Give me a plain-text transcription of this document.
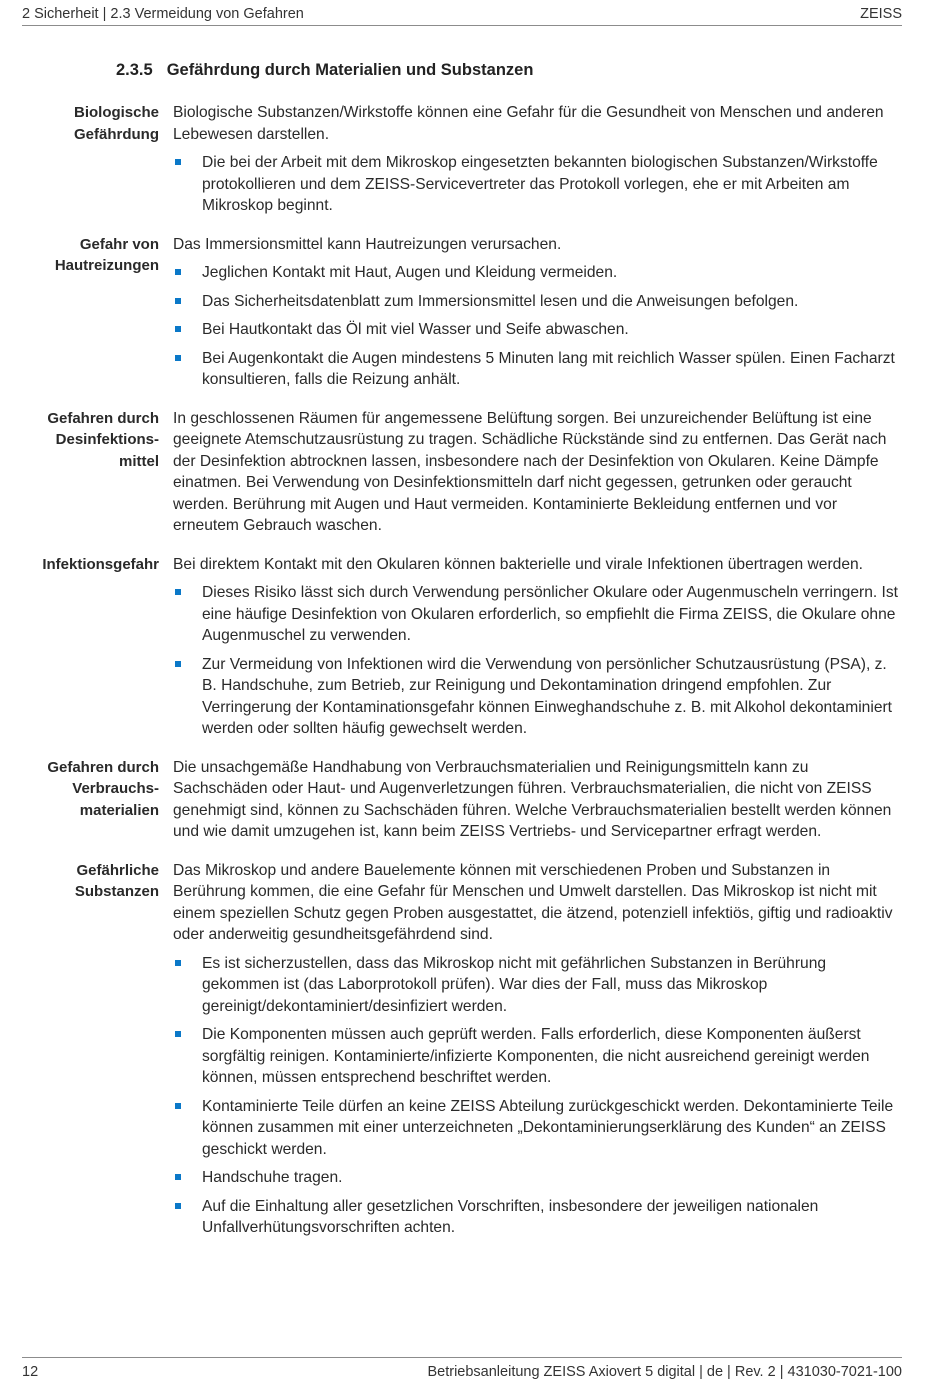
2 Sicherheit | 2.3 Vermeidung von Gefahren	ZEISS
2.3.5 Gefährdung durch Materialien und Substanzen
Biologische
Gefährdung

Biologische Substanzen/Wirkstoffe können eine Gefahr für die Gesundheit von Menschen und anderen Lebewesen darstellen.

Die bei der Arbeit mit dem Mikroskop eingesetzten bekannten biologischen Substanzen/Wirkstoffe protokollieren und dem ZEISS-Servicevertreter das Protokoll vorlegen, ehe er mit Arbeiten am Mikroskop beginnt.
Gefahr von
Hautreizungen

Das Immersionsmittel kann Hautreizungen verursachen.

Jeglichen Kontakt mit Haut, Augen und Kleidung vermeiden.
Das Sicherheitsdatenblatt zum Immersionsmittel lesen und die Anweisungen befolgen.
Bei Hautkontakt das Öl mit viel Wasser und Seife abwaschen.
Bei Augenkontakt die Augen mindestens 5 Minuten lang mit reichlich Wasser spülen. Einen Facharzt konsultieren, falls die Reizung anhält.
Gefahren durch
Desinfektions-
mittel

In geschlossenen Räumen für angemessene Belüftung sorgen. Bei unzureichender Belüftung ist eine geeignete Atemschutzausrüstung zu tragen. Schädliche Rückstände sind zu entfernen. Das Gerät nach der Desinfektion abtrocknen lassen, insbesondere nach der Desinfektion von Okularen. Keine Dämpfe einatmen. Bei Verwendung von Desinfektionsmitteln darf nicht gegessen, getrunken oder geraucht werden. Berührung mit Augen und Haut vermeiden. Kontaminierte Bekleidung entfernen und vor erneutem Gebrauch waschen.

Infektionsgefahr Bei direktem Kontakt mit den Okularen können bakterielle und virale Infektionen übertragen werden.

Dieses Risiko lässt sich durch Verwendung persönlicher Okulare oder Augenmuscheln verringern. Ist eine häufige Desinfektion von Okularen erforderlich, so empfiehlt die Firma ZEISS, die Okulare ohne Augenmuschel zu verwenden.
Zur Vermeidung von Infektionen wird die Verwendung von persönlicher Schutzausrüstung (PSA), z. B. Handschuhe, zum Betrieb, zur Reinigung und Dekontamination dringend empfohlen. Zur Verringerung der Kontaminationsgefahr können Einweghandschuhe z. B. mit Alkohol dekontaminiert werden oder sollten häufig gewechselt werden.
Gefahren durch
Verbrauchs-
materialien

Die unsachgemäße Handhabung von Verbrauchsmaterialien und Reinigungsmitteln kann zu Sachschäden oder Haut- und Augenverletzungen führen. Verbrauchsmaterialien, die nicht von ZEISS genehmigt sind, können zu Sachschäden führen. Welche Verbrauchsmaterialien bestellt werden können und wie damit umzugehen ist, kann beim ZEISS Vertriebs- und Servicepartner erfragt werden.

Gefährliche
Substanzen

Das Mikroskop und andere Bauelemente können mit verschiedenen Proben und Substanzen in Berührung kommen, die eine Gefahr für Menschen und Umwelt darstellen. Das Mikroskop ist nicht mit einem speziellen Schutz gegen Proben ausgestattet, die ätzend, potenziell infektiös, giftig und radioaktiv oder anderweitig gesundheitsgefährdend sind.

Es ist sicherzustellen, dass das Mikroskop nicht mit gefährlichen Substanzen in Berührung gekommen ist (das Laborprotokoll prüfen). War dies der Fall, muss das Mikroskop gereinigt/dekontaminiert/desinfiziert werden.
Die Komponenten müssen auch geprüft werden. Falls erforderlich, diese Komponenten äußerst sorgfältig reinigen. Kontaminierte/infizierte Komponenten, die nicht ausreichend gereinigt werden können, müssen entsprechend beschriftet werden.
Kontaminierte Teile dürfen an keine ZEISS Abteilung zurückgeschickt werden. Dekontaminierte Teile können zusammen mit einer unterzeichneten „Dekontaminierungserklärung des Kunden“ an ZEISS geschickt werden.
Handschuhe tragen.
Auf die Einhaltung aller gesetzlichen Vorschriften, insbesondere der jeweiligen nationalen Unfallverhütungsvorschriften achten.
12	Betriebsanleitung ZEISS Axiovert 5 digital | de | Rev. 2 | 431030-7021-100
